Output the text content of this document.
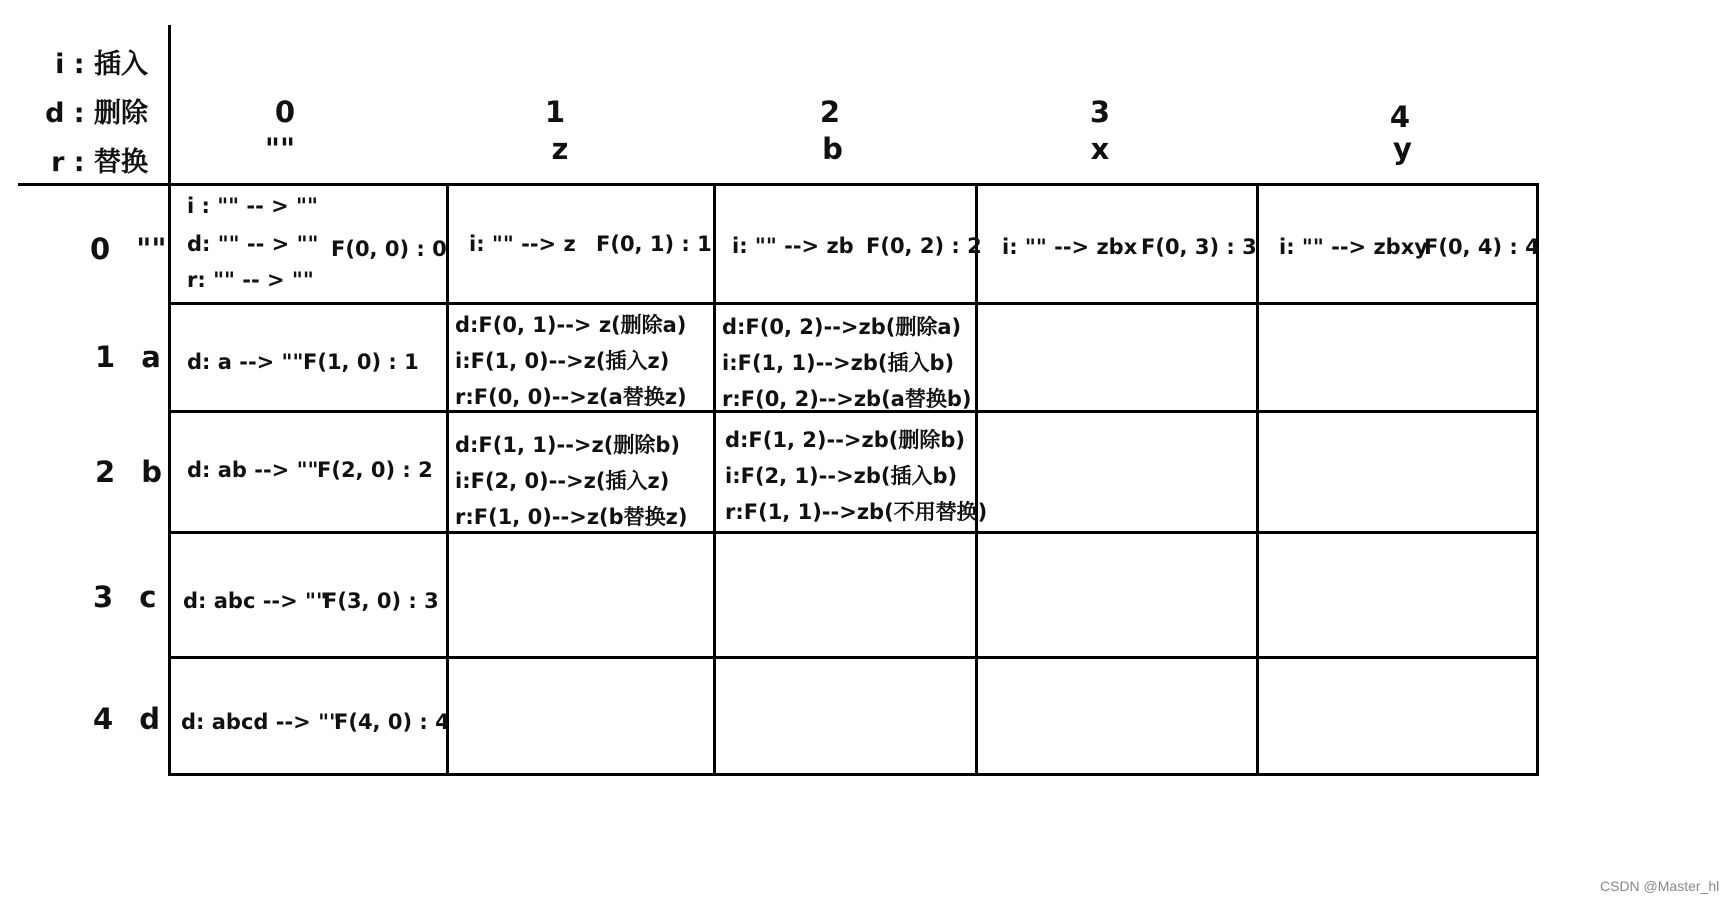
i : 插入
d : 删除
r : 替换
0
""
1
z
2
b
3
x
4
y
0 ""
1 a
2 b
3 c
4 d
i : "" -- > ""
d: "" -- > ""
r: "" -- > ""
F(0, 0) : 0 i: "" --> z F(0, 1) : 1 i: "" --> zb F(0, 2) : 2 i: "" --> zbx F(0, 3) : 3 i: "" --> zbxy
F(0, 4) : 4
d: a --> "" F(1, 0) : 1
d: ab --> ""
F(2, 0) : 2
d: abc --> ""
F(3, 0) : 3
d: abcd --> ""
F(4, 0) : 4
d:F(0, 1)--> z(删除a)
i:F(1, 0)-->z(插入z)
r:F(0, 0)-->z(a替换z)
d:F(0, 2)-->zb(删除a)
i:F(1, 1)-->zb(插入b)
r:F(0, 2)-->zb(a替换b)
d:F(1, 1)-->z(删除b)
i:F(2, 0)-->z(插入z)
r:F(1, 0)-->z(b替换z)
d:F(1, 2)-->zb(删除b)
i:F(2, 1)-->zb(插入b)
r:F(1, 1)-->zb(不用替换)
CSDN @Master_hl
